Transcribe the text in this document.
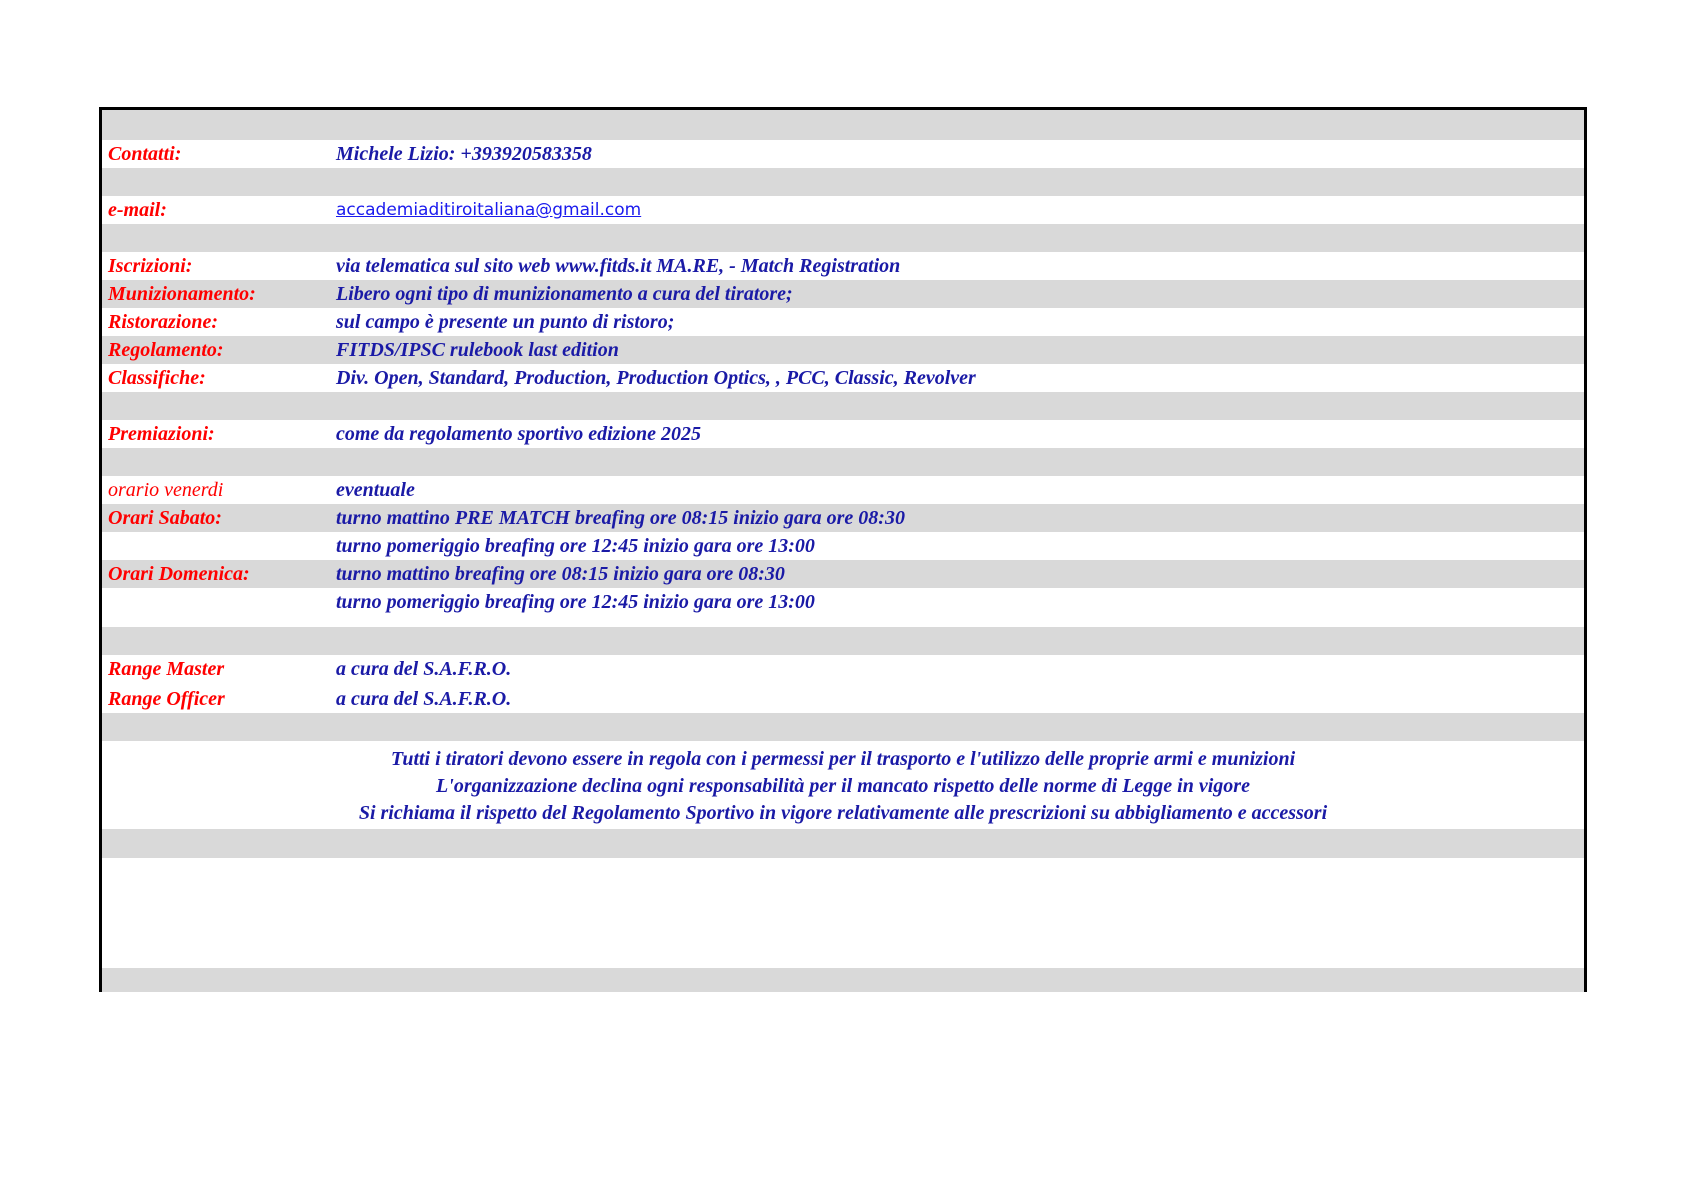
Contatti:	Michele Lizio: +393920583358
e-mail:	accademiaditiroitaliana@gmail.com
Iscrizioni:	via telematica sul sito web www.fitds.it MA.RE, - Match Registration
Munizionamento:	Libero ogni tipo di munizionamento a cura del tiratore;
Ristorazione:	sul campo è presente un punto di ristoro;
Regolamento:	FITDS/IPSC rulebook last edition
Classifiche:	Div. Open, Standard, Production, Production Optics, , PCC, Classic, Revolver
Premiazioni:	come da regolamento sportivo edizione 2025
orario venerdi	eventuale
Orari Sabato:	turno mattino PRE MATCH breafing ore 08:15 inizio gara ore 08:30
turno pomeriggio breafing ore 12:45 inizio gara ore 13:00
Orari Domenica:	turno mattino breafing ore 08:15 inizio gara ore 08:30
turno pomeriggio breafing ore 12:45 inizio gara ore 13:00
Range Master	a cura del S.A.F.R.O.
Range Officer	a cura del S.A.F.R.O.
Tutti i tiratori devono essere in regola con i permessi per il trasporto e l'utilizzo delle proprie armi e munizioni
L'organizzazione declina ogni responsabilità per il mancato rispetto delle norme di Legge in vigore
Si richiama il rispetto del Regolamento Sportivo in vigore relativamente alle prescrizioni su abbigliamento e accessori
